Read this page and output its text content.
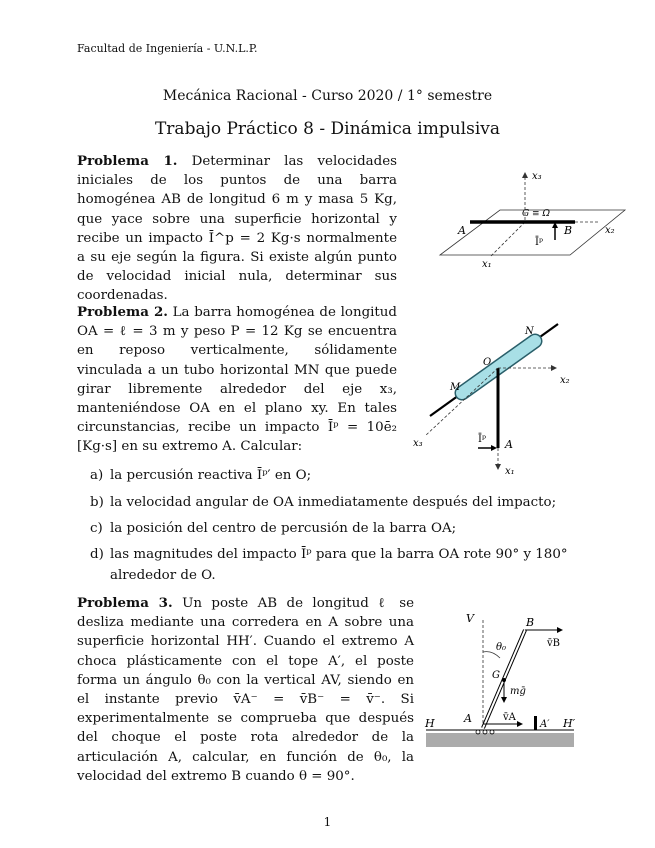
Facultad de Ingeniería - U.N.L.P.
Mecánica Racional - Curso 2020 / 1° semestre
Trabajo Práctico 8 - Dinámica impulsiva
Problema 1. Determinar las velocidades iniciales de los puntos de una barra homogénea AB de longitud 6 m y masa 5 Kg, que yace sobre una superficie horizontal y recibe un impacto Ī^p = 2 Kg·s normalmente a su eje según la figura. Si existe algún punto de velocidad inicial nula, determinar sus coordenadas.
x₃
x₂
x₁
A	B
G ≡ Ω
Īᵖ
Problema 2. La barra homogénea de longitud OA = ℓ = 3 m y peso P = 12 Kg se encuentra en reposo verticalmente, sólidamente vinculada a un tubo horizontal MN que puede girar libremente alrededor del eje x₃, manteniéndose OA en el plano xy. En tales circunstancias, recibe un impacto Īᵖ = 10ē₂ [Kg·s] en su extremo A. Calcular:
N
O
M
x₂
x₃
x₁
A
Īᵖ
a) la percusión reactiva Īᵖ′ en O;
b) la velocidad angular de OA inmediatamente después del impacto;
c) la posición del centro de percusión de la barra OA;
d) las magnitudes del impacto Īᵖ para que la barra OA rote 90° y 180°
alrededor de O.
Problema 3. Un poste AB de longitud ℓ se desliza mediante una corredera en A sobre una superficie horizontal HH′. Cuando el extremo A choca plásticamente con el tope A′, el poste forma un ángulo θ₀ con la vertical AV, siendo en el instante previo v̄A⁻ = v̄B⁻ = v̄⁻. Si experimentalmente se comprueba que después del choque el poste rota alrededor de la articulación A, calcular, en función de θ₀, la velocidad del extremo B cuando θ = 90°.
V	B
θ₀	v̄B
G
mḡ
H	A	v̄A
A′ H′
1
